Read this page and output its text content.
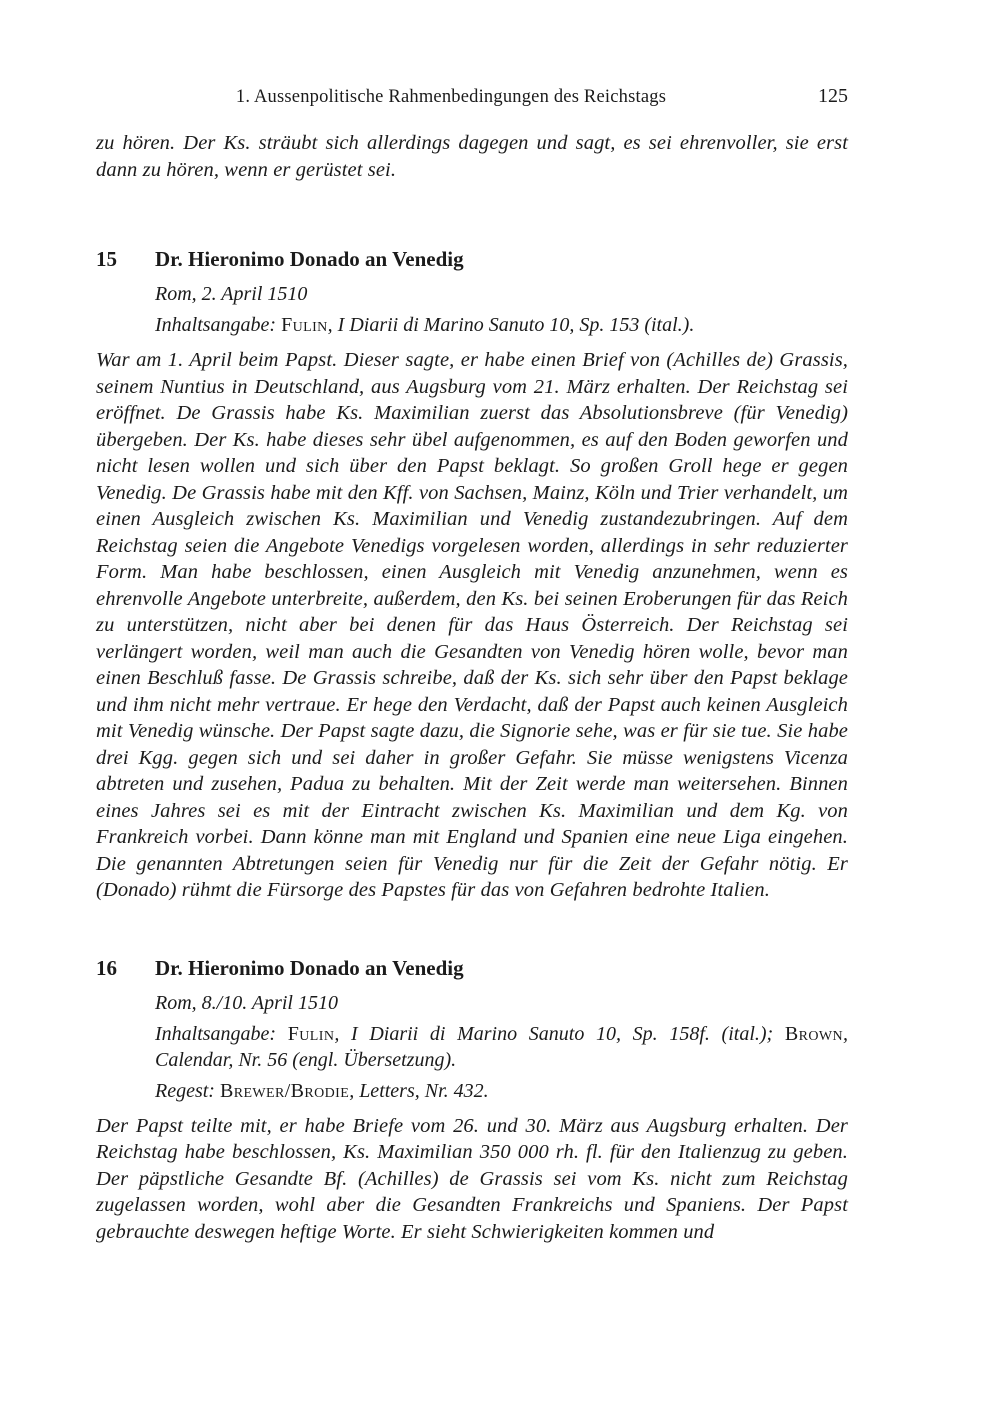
1. Aussenpolitische Rahmenbedingungen des Reichstags	125

zu hören. Der Ks. sträubt sich allerdings dagegen und sagt, es sei ehrenvoller, sie erst dann zu hören, wenn er gerüstet sei.

15	Dr. Hieronimo Donado an Venedig

Rom, 2. April 1510

Inhaltsangabe: Fulin, I Diarii di Marino Sanuto 10, Sp. 153 (ital.).

War am 1. April beim Papst. Dieser sagte, er habe einen Brief von (Achilles de) Grassis, seinem Nuntius in Deutschland, aus Augsburg vom 21. März erhalten. Der Reichstag sei eröffnet. De Grassis habe Ks. Maximilian zuerst das Absolutionsbreve (für Venedig) übergeben. Der Ks. habe dieses sehr übel aufgenommen, es auf den Boden geworfen und nicht lesen wollen und sich über den Papst beklagt. So großen Groll hege er gegen Venedig. De Grassis habe mit den Kff. von Sachsen, Mainz, Köln und Trier verhandelt, um einen Ausgleich zwischen Ks. Maximilian und Venedig zustandezubringen. Auf dem Reichstag seien die Angebote Venedigs vorgelesen worden, allerdings in sehr reduzierter Form. Man habe beschlossen, einen Ausgleich mit Venedig anzunehmen, wenn es ehrenvolle Angebote unterbreite, außerdem, den Ks. bei seinen Eroberungen für das Reich zu unterstützen, nicht aber bei denen für das Haus Österreich. Der Reichstag sei verlängert worden, weil man auch die Gesandten von Venedig hören wolle, bevor man einen Beschluß fasse. De Grassis schreibe, daß der Ks. sich sehr über den Papst beklage und ihm nicht mehr vertraue. Er hege den Verdacht, daß der Papst auch keinen Ausgleich mit Venedig wünsche. Der Papst sagte dazu, die Signorie sehe, was er für sie tue. Sie habe drei Kgg. gegen sich und sei daher in großer Gefahr. Sie müsse wenigstens Vicenza abtreten und zusehen, Padua zu behalten. Mit der Zeit werde man weitersehen. Binnen eines Jahres sei es mit der Eintracht zwischen Ks. Maximilian und dem Kg. von Frankreich vorbei. Dann könne man mit England und Spanien eine neue Liga eingehen. Die genannten Abtretungen seien für Venedig nur für die Zeit der Gefahr nötig. Er (Donado) rühmt die Fürsorge des Papstes für das von Gefahren bedrohte Italien.

16	Dr. Hieronimo Donado an Venedig

Rom, 8./10. April 1510

Inhaltsangabe: Fulin, I Diarii di Marino Sanuto 10, Sp. 158f. (ital.); Brown, Calendar, Nr. 56 (engl. Übersetzung).

Regest: Brewer/Brodie, Letters, Nr. 432.

Der Papst teilte mit, er habe Briefe vom 26. und 30. März aus Augsburg erhalten. Der Reichstag habe beschlossen, Ks. Maximilian 350 000 rh. fl. für den Italienzug zu geben. Der päpstliche Gesandte Bf. (Achilles) de Grassis sei vom Ks. nicht zum Reichstag zugelassen worden, wohl aber die Gesandten Frankreichs und Spaniens. Der Papst gebrauchte deswegen heftige Worte. Er sieht Schwierigkeiten kommen und
